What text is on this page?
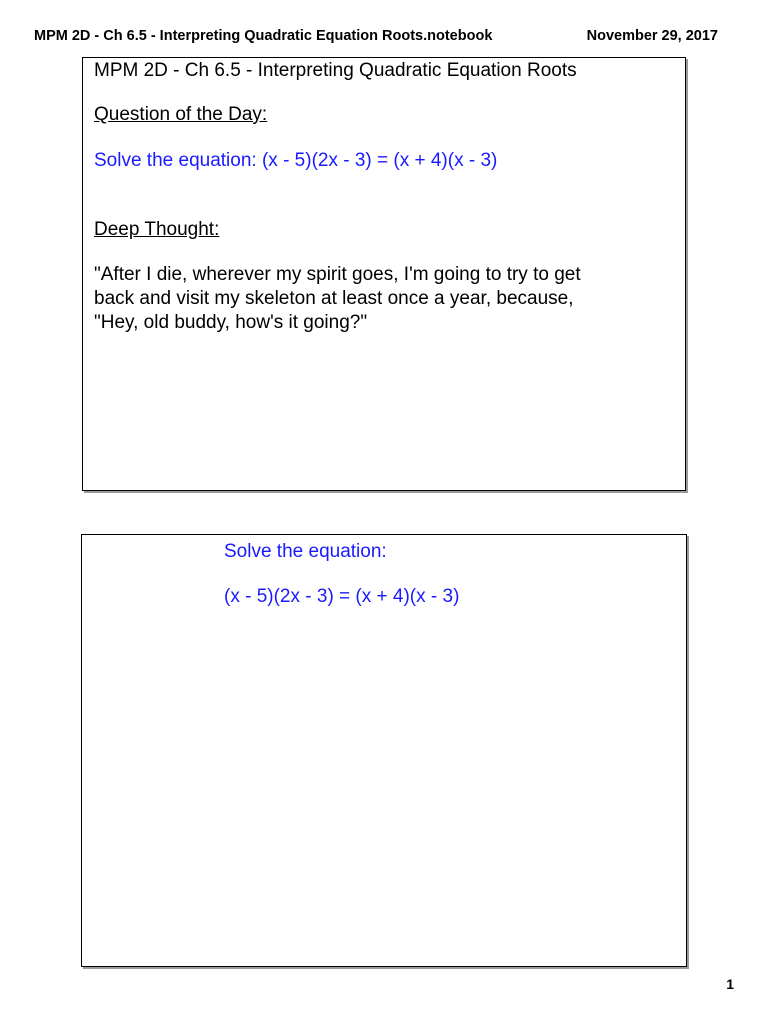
MPM 2D - Ch 6.5 - Interpreting Quadratic Equation Roots.notebook	November 29, 2017
MPM 2D - Ch 6.5 - Interpreting Quadratic Equation Roots
Question of the Day:
Solve the equation: (x - 5)(2x - 3) = (x + 4)(x - 3)
Deep Thought:
"After I die, wherever my spirit goes, I'm going to try to get
back and visit my skeleton at least once a year, because,
"Hey, old buddy, how's it going?"
Solve the equation:
(x - 5)(2x - 3) = (x + 4)(x - 3)
1
